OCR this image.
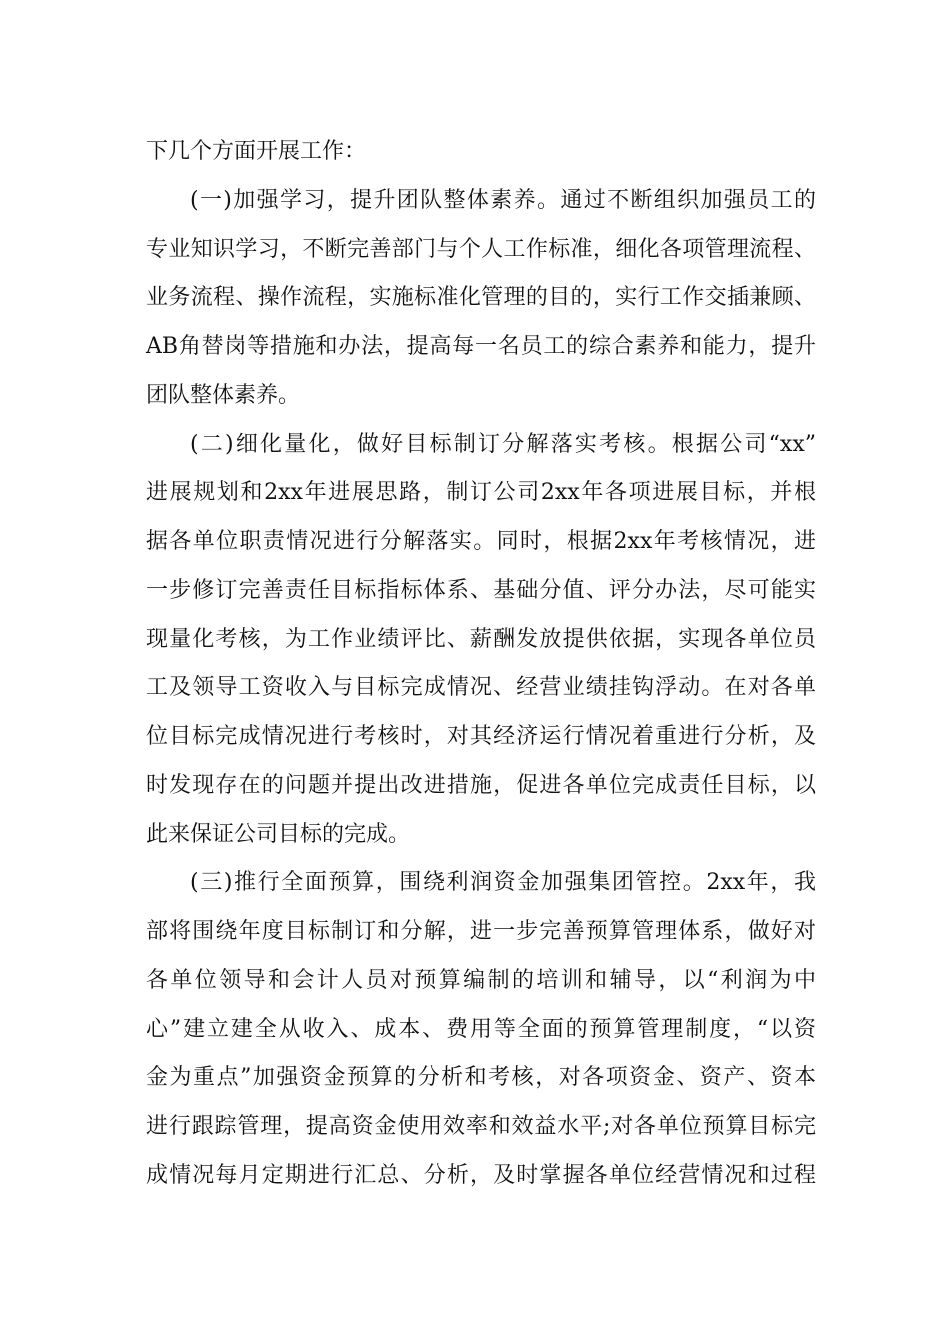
下几个方面开展工作：
(一)加强学习，提升团队整体素养。通过不断组织加强员工的
专业知识学习，不断完善部门与个人工作标准，细化各项管理流程、
业务流程、操作流程，实施标准化管理的目的，实行工作交插兼顾、
AB角替岗等措施和办法，提高每一名员工的综合素养和能力，提升
团队整体素养。
(二)细化量化，做好目标制订分解落实考核。根据公司“xx”
进展规划和2xx年进展思路，制订公司2xx年各项进展目标，并根
据各单位职责情况进行分解落实。同时，根据2xx年考核情况，进
一步修订完善责任目标指标体系、基础分值、评分办法，尽可能实
现量化考核，为工作业绩评比、薪酬发放提供依据，实现各单位员
工及领导工资收入与目标完成情况、经营业绩挂钩浮动。在对各单
位目标完成情况进行考核时，对其经济运行情况着重进行分析，及
时发现存在的问题并提出改进措施，促进各单位完成责任目标，以
此来保证公司目标的完成。
(三)推行全面预算，围绕利润资金加强集团管控。2xx年，我
部将围绕年度目标制订和分解，进一步完善预算管理体系，做好对
各单位领导和会计人员对预算编制的培训和辅导，以“利润为中
心”建立建全从收入、成本、费用等全面的预算管理制度，“以资
金为重点”加强资金预算的分析和考核，对各项资金、资产、资本
进行跟踪管理，提高资金使用效率和效益水平;对各单位预算目标完
成情况每月定期进行汇总、分析，及时掌握各单位经营情况和过程
